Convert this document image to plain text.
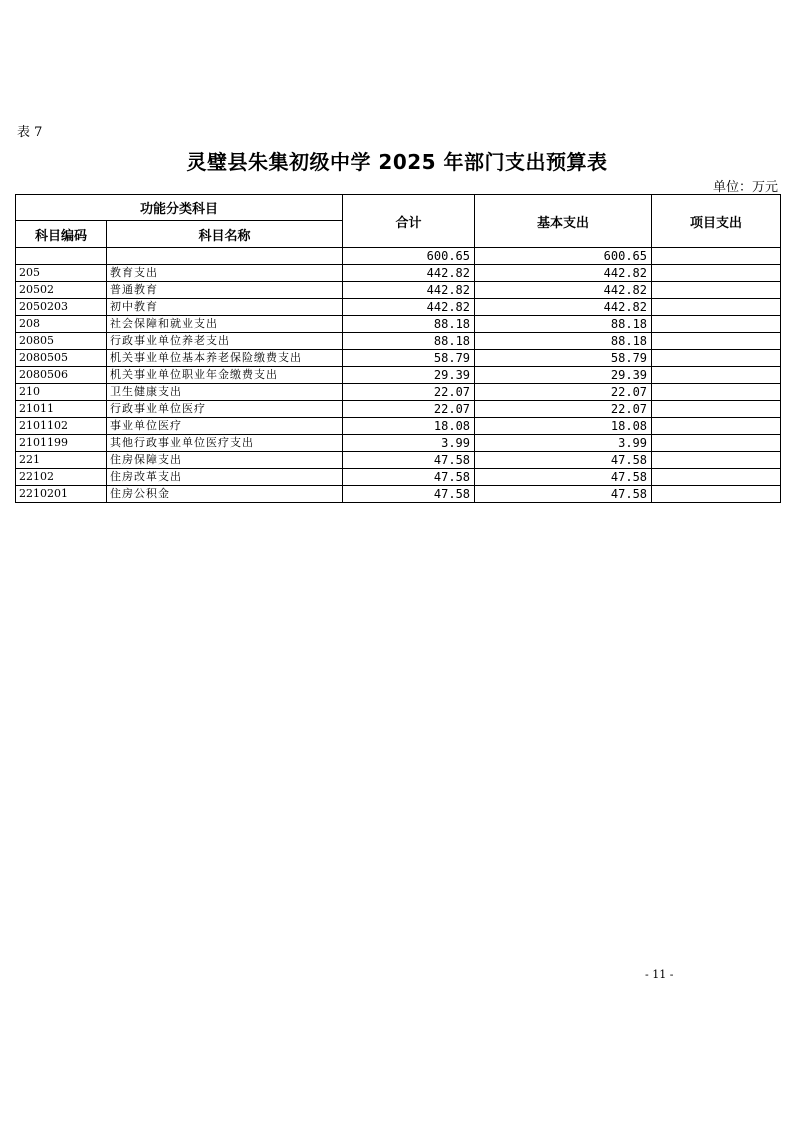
表 7
灵璧县朱集初级中学 2025 年部门支出预算表
单位：万元
功能分类科目		合计	基本支出	项目支出
科目编码	科目名称			
		600.65	600.65	
205	教育支出	442.82	442.82	
20502	普通教育	442.82	442.82	
2050203	初中教育	442.82	442.82	
208	社会保障和就业支出	88.18	88.18	
20805	行政事业单位养老支出	88.18	88.18	
2080505	机关事业单位基本养老保险缴费支出	58.79	58.79	
2080506	机关事业单位职业年金缴费支出	29.39	29.39	
210	卫生健康支出	22.07	22.07	
21011	行政事业单位医疗	22.07	22.07	
2101102	事业单位医疗	18.08	18.08	
2101199	其他行政事业单位医疗支出	3.99	3.99	
221	住房保障支出	47.58	47.58	
22102	住房改革支出	47.58	47.58	
2210201	住房公积金	47.58	47.58	
- 11 -
